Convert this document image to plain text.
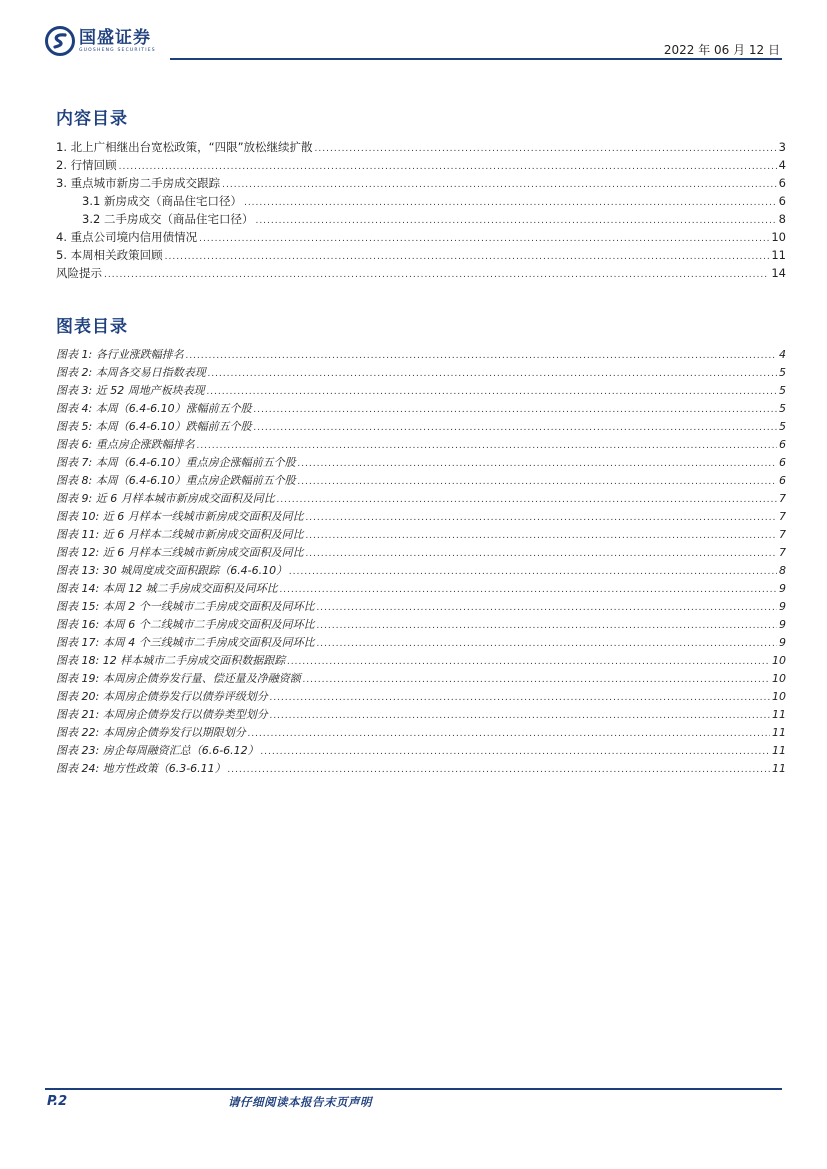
国盛证券
GUOSHENG SECURITIES	2022 年 06 月 12 日
内容目录
1. 北上广相继出台宽松政策，“四限”放松继续扩散 .....	3
2. 行情回顾 .....	4
3. 重点城市新房二手房成交跟踪 .....	6
3.1 新房成交（商品住宅口径） .....	6
3.2 二手房成交（商品住宅口径） .....	8
4. 重点公司境内信用债情况 .....	10
5. 本周相关政策回顾 .....	11
风险提示 .....	14
图表目录
图表 1: 各行业涨跌幅排名 .....	4
图表 2: 本周各交易日指数表现 .....	5
图表 3: 近 52 周地产板块表现 .....	5
图表 4: 本周（6.4-6.10）涨幅前五个股 .....	5
图表 5: 本周（6.4-6.10）跌幅前五个股 .....	5
图表 6: 重点房企涨跌幅排名 .....	6
图表 7: 本周（6.4-6.10）重点房企涨幅前五个股 .....	6
图表 8: 本周（6.4-6.10）重点房企跌幅前五个股 .....	6
图表 9: 近 6 月样本城市新房成交面积及同比 .....	7
图表 10: 近 6 月样本一线城市新房成交面积及同比 .....	7
图表 11: 近 6 月样本二线城市新房成交面积及同比 .....	7
图表 12: 近 6 月样本三线城市新房成交面积及同比 .....	7
图表 13: 30 城周度成交面积跟踪（6.4-6.10） .....	8
图表 14: 本周 12 城二手房成交面积及同环比 .....	9
图表 15: 本周 2 个一线城市二手房成交面积及同环比 .....	9
图表 16: 本周 6 个二线城市二手房成交面积及同环比 .....	9
图表 17: 本周 4 个三线城市二手房成交面积及同环比 .....	9
图表 18: 12 样本城市二手房成交面积数据跟踪 .....	10
图表 19: 本周房企债券发行量、偿还量及净融资额 .....	10
图表 20: 本周房企债券发行以债券评级划分 .....	10
图表 21: 本周房企债券发行以债券类型划分 .....	11
图表 22: 本周房企债券发行以期限划分 .....	11
图表 23: 房企每周融资汇总（6.6-6.12） .....	11
图表 24: 地方性政策（6.3-6.11） .....	11
P.2	请仔细阅读本报告末页声明
